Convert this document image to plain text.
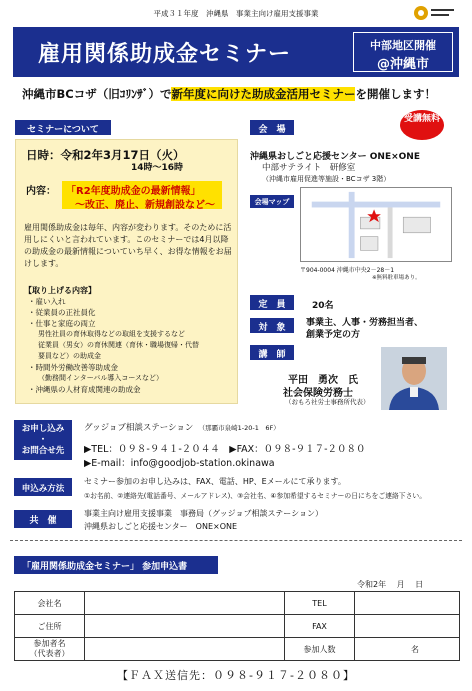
平成３１年度　沖縄県　事業主向け雇用支援事業
雇用関係助成金セミナー	中部地区開催
@沖縄市
沖縄市BCコザ（旧ｺﾘﾝｻﾞ）で新年度に向けた助成金活用セミナーを開催します！
セミナーについて
日時：令和2年3月17日（火）
14時～16時
内容： 「R2年度助成金の最新情報」
～改正、廃止、新規創設など～
雇用関係助成金は毎年、内容が変わります。そのために活用しにくいと言われています。このセミナーでは4月以降の助成金の最新情報についていち早く、お得な情報をお届けします。
【取り上げる内容】
・雇い入れ
・従業員の正社員化
・仕事と家庭の両立
男性社員の育休取得などの取組を支援するなど
従業員（男女）の育休関連（育休・職場復帰・代替
要員など）の助成金
・時間外労働改善等助成金
（勤務間インターバル導入コースなど）
・沖縄県の人材育成関連の助成金
会　場
受講無料
沖縄県おしごと応援センター ONE×ONE
中部サテライト　研修室
（沖縄市雇用促進等施設・BCコザ 3階）
会場マップ
〒904-0004 沖縄市中央2－28－1
※無料駐車場あり。
定　員	20名
対　象	事業主、人事・労務担当者、
創業予定の方
講　師
平田　勇次　氏
社会保険労務士
（おもろ社労士事務所代表）
お申し込み
・
お問合せ先
グッジョブ相談ステーション　 （那覇市泉崎1-20-1　6F）
▶TEL：０９８-９４１-２０４４　▶FAX：０９８-９１７-２０８０
▶E-mail：info@goodjob-station.okinawa
申込み方法
セミナー参加のお申し込みは、FAX、電話、HP、Eメールにて承ります。
①お名前、②連絡先(電話番号、メールアドレス)、③会社名、④参加希望するセミナーの日にちをご連絡下さい。
共　催
事業主向け雇用支援事業　事務局（グッジョブ相談ステーション）
沖縄県おしごと応援センター　ONE×ONE
「雇用関係助成金セミナー」 参加申込書
令和2年　 月　 日
会社名		TEL	
ご住所		FAX	

参加者名
（代表者）		参加人数	名
【ＦＡＸ送信先：０９８-９１７-２０８０】
